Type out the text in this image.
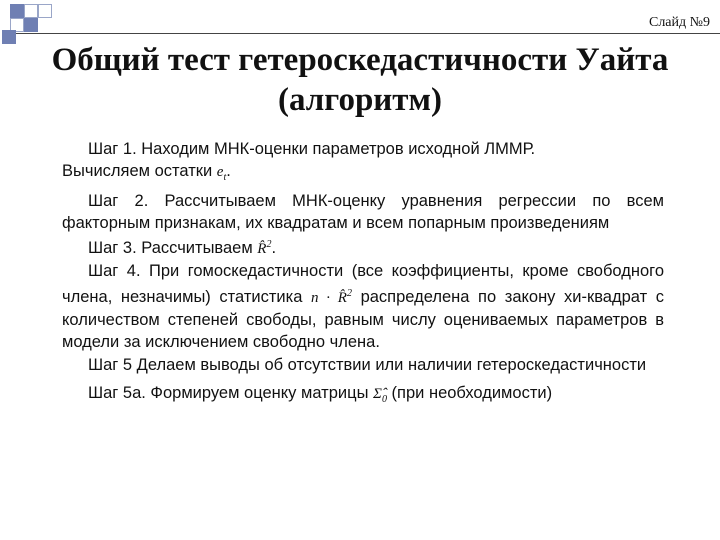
Слайд №9
Общий тест гетероскедастичности Уайта
(алгоритм)

Шаг 1. Находим МНК-оценки параметров исходной ЛММР.
Вычисляем остатки $e_t$.

Шаг 2. Рассчитываем МНК-оценку уравнения регрессии по всем факторным признакам, их квадратам и всем попарным произведениям

Шаг 3. Рассчитываем R̂$^2$.

Шаг 4. При гомоскедастичности (все коэффициенты, кроме свободного члена, незначимы) статистика n · R̂$^2$ распределена по закону хи-квадрат с количеством степеней свободы, равным числу оцениваемых параметров в модели за исключением свободно члена.

Шаг 5 Делаем выводы об отсутствии или наличии гетероскедастичности

Шаг 5а. Формируем оценку матрицы $\Sigmâ_0$ (при необходимости)
